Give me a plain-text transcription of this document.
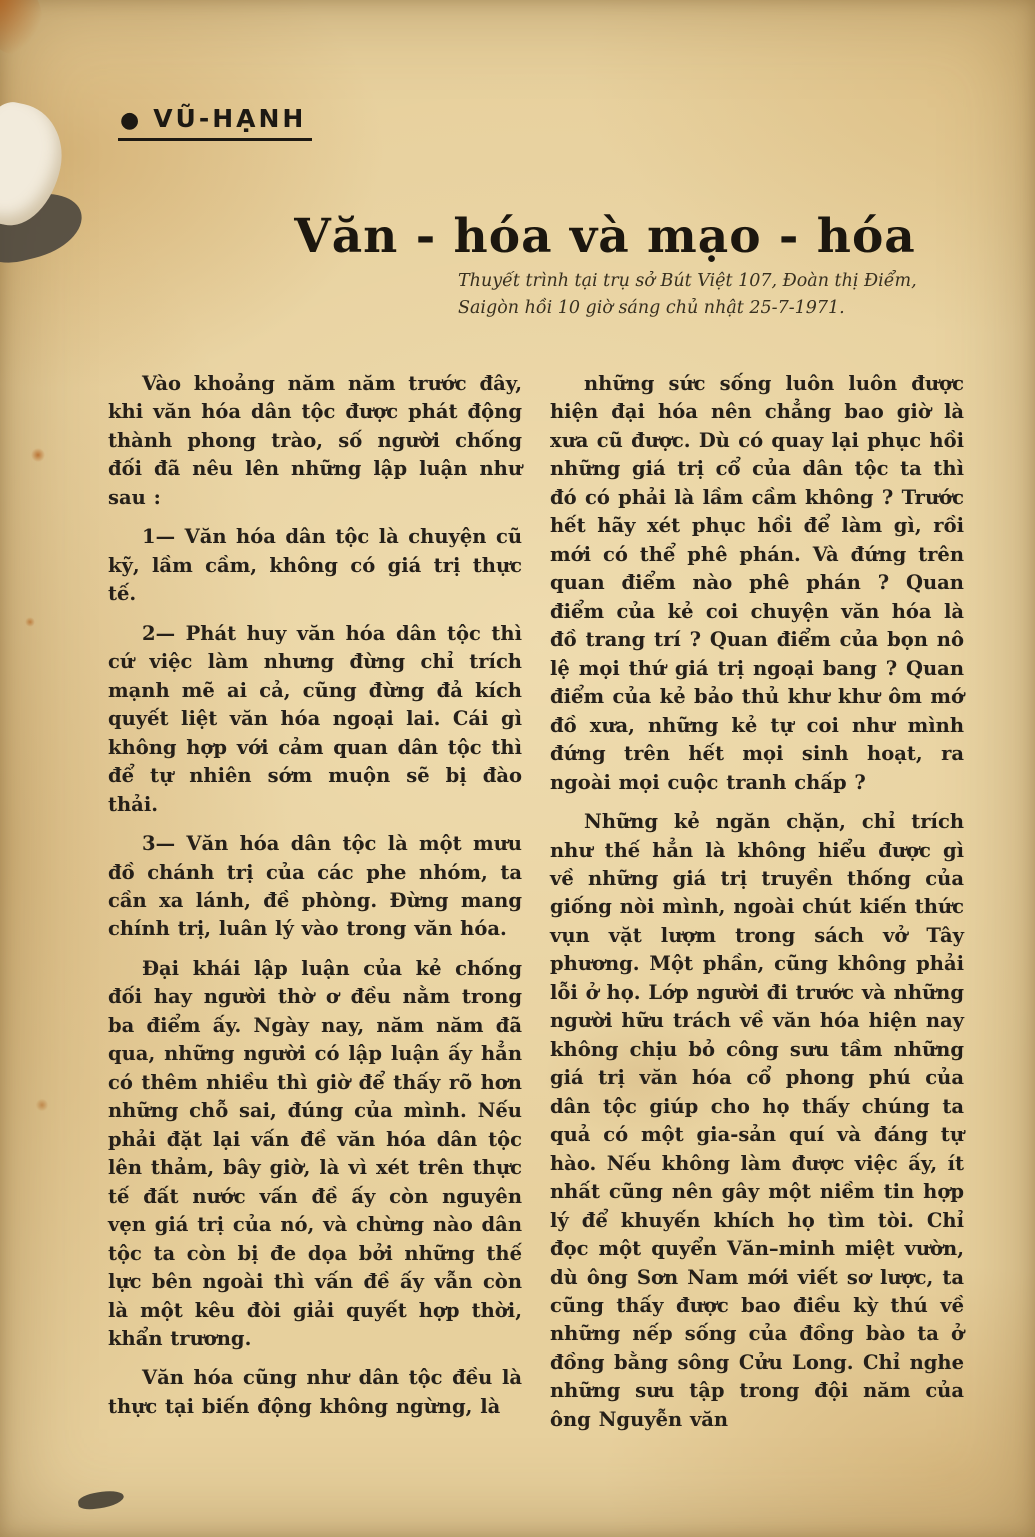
● VŨ-HẠNH
Văn - hóa và mạo - hóa
Thuyết trình tại trụ sở Bút Việt 107, Đoàn thị Điểm,
Saigòn hồi 10 giờ sáng chủ nhật 25-7-1971.

Vào khoảng năm năm trước đây, khi văn hóa dân tộc được phát động thành phong trào, số người chống đối đã nêu lên những lập luận như sau :

1— Văn hóa dân tộc là chuyện cũ kỹ, lầm cầm, không có giá trị thực tế.

2— Phát huy văn hóa dân tộc thì cứ việc làm nhưng đừng chỉ trích mạnh mẽ ai cả, cũng đừng đả kích quyết liệt văn hóa ngoại lai. Cái gì không hợp với cảm quan dân tộc thì để tự nhiên sớm muộn sẽ bị đào thải.

3— Văn hóa dân tộc là một mưu đồ chánh trị của các phe nhóm, ta cần xa lánh, đề phòng. Đừng mang chính trị, luân lý vào trong văn hóa.

Đại khái lập luận của kẻ chống đối hay người thờ ơ đều nằm trong ba điểm ấy. Ngày nay, năm năm đã qua, những người có lập luận ấy hẳn có thêm nhiều thì giờ để thấy rõ hơn những chỗ sai, đúng của mình. Nếu phải đặt lại vấn đề văn hóa dân tộc lên thảm, bây giờ, là vì xét trên thực tế đất nước vấn đề ấy còn nguyên vẹn giá trị của nó, và chừng nào dân tộc ta còn bị đe dọa bởi những thế lực bên ngoài thì vấn đề ấy vẫn còn là một kêu đòi giải quyết hợp thời, khẩn trương.

Văn hóa cũng như dân tộc đều là thực tại biến động không ngừng, là

những sức sống luôn luôn được hiện đại hóa nên chẳng bao giờ là xưa cũ được. Dù có quay lại phục hồi những giá trị cổ của dân tộc ta thì đó có phải là lầm cầm không ? Trước hết hãy xét phục hồi để làm gì, rồi mới có thể phê phán. Và đứng trên quan điểm nào phê phán ? Quan điểm của kẻ coi chuyện văn hóa là đồ trang trí ? Quan điểm của bọn nô lệ mọi thứ giá trị ngoại bang ? Quan điểm của kẻ bảo thủ khư khư ôm mớ đồ xưa, những kẻ tự coi như mình đứng trên hết mọi sinh hoạt, ra ngoài mọi cuộc tranh chấp ?

Những kẻ ngăn chặn, chỉ trích như thế hẳn là không hiểu được gì về những giá trị truyền thống của giống nòi mình, ngoài chút kiến thức vụn vặt lượm trong sách vở Tây phương. Một phần, cũng không phải lỗi ở họ. Lớp người đi trước và những người hữu trách về văn hóa hiện nay không chịu bỏ công sưu tầm những giá trị văn hóa cổ phong phú của dân tộc giúp cho họ thấy chúng ta quả có một gia-sản quí và đáng tự hào. Nếu không làm được việc ấy, ít nhất cũng nên gây một niềm tin hợp lý để khuyến khích họ tìm tòi. Chỉ đọc một quyển Văn–minh miệt vườn, dù ông Sơn Nam mới viết sơ lược, ta cũng thấy được bao điều kỳ thú về những nếp sống của đồng bào ta ở đồng bằng sông Cửu Long. Chỉ nghe những sưu tập trong đội năm của ông Nguyễn văn
